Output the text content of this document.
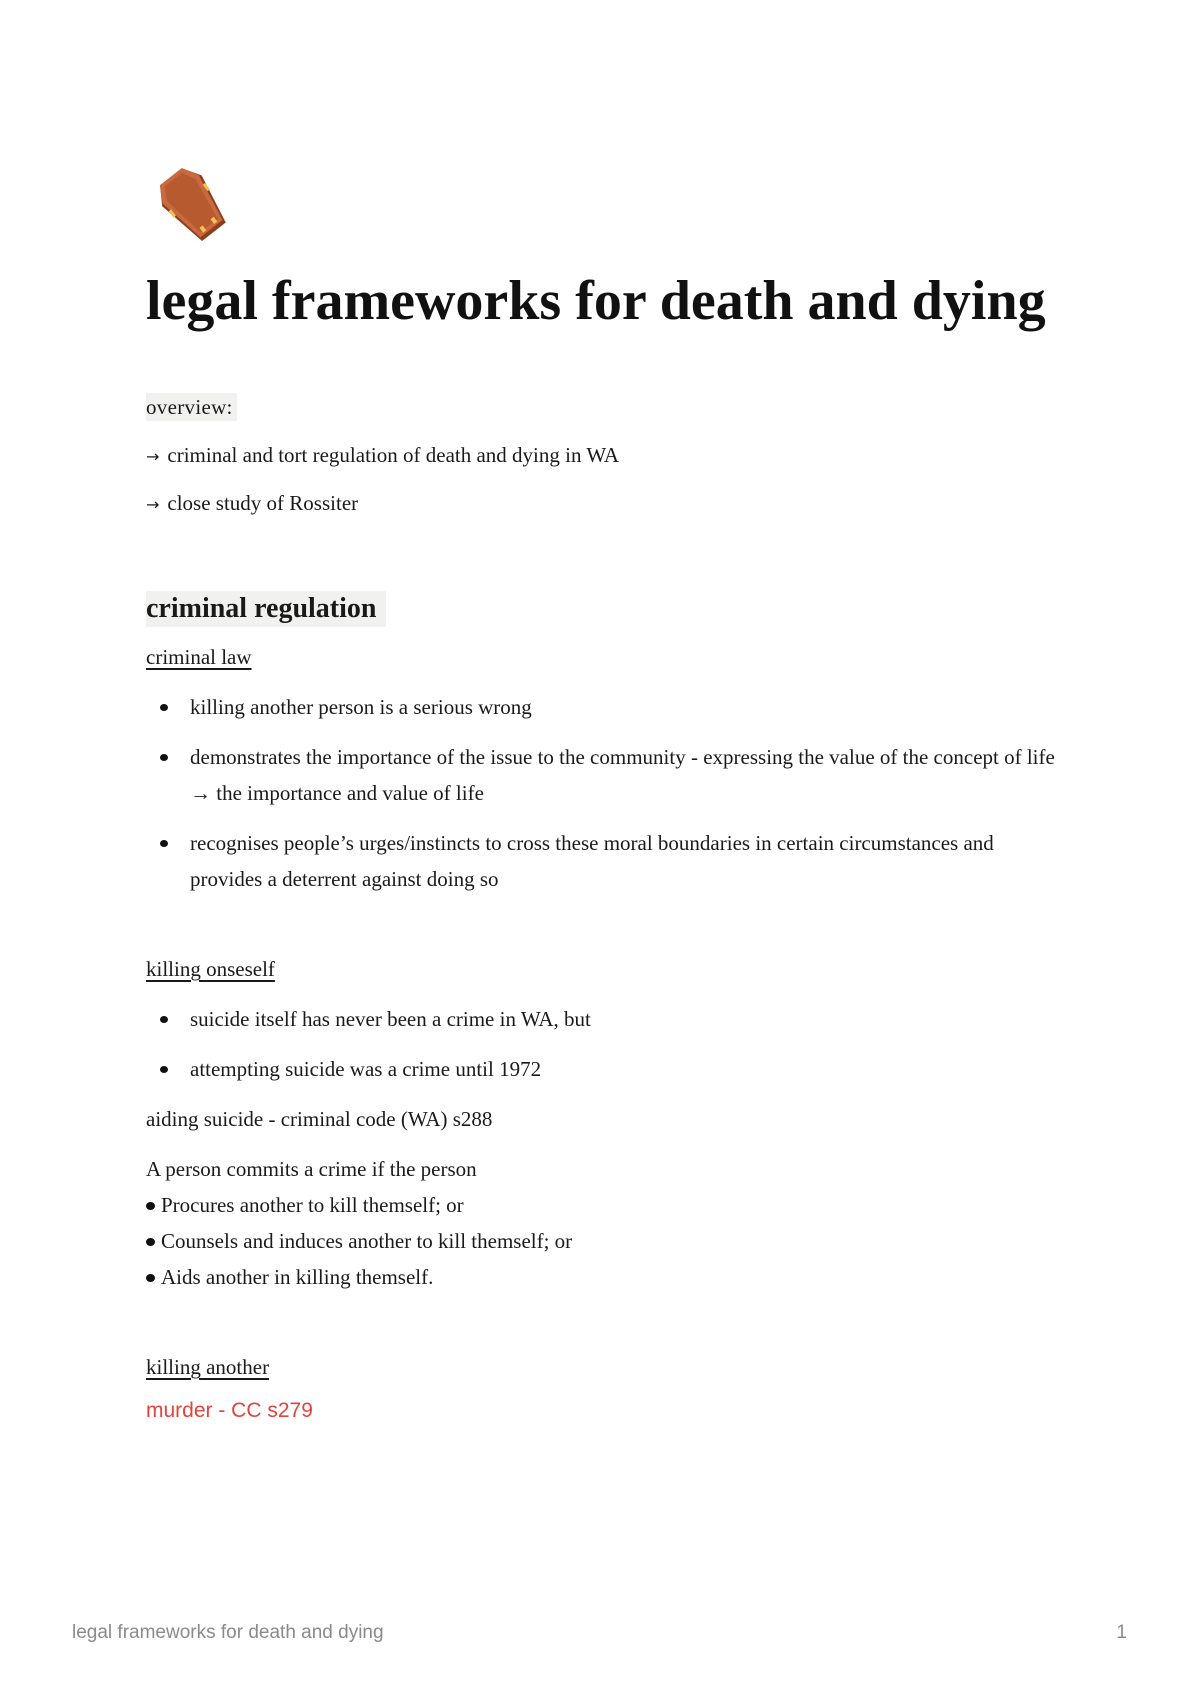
legal frameworks for death and dying
overview:
→ criminal and tort regulation of death and dying in WA
→ close study of Rossiter
criminal regulation
criminal law
killing another person is a serious wrong
demonstrates the importance of the issue to the community - expressing the value of the concept of life → the importance and value of life
recognises people’s urges/instincts to cross these moral boundaries in certain circumstances and provides a deterrent against doing so
killing onseself
suicide itself has never been a crime in WA, but
attempting suicide was a crime until 1972
aiding suicide - criminal code (WA) s288
A person commits a crime if the person
Procures another to kill themself; or
Counsels and induces another to kill themself; or
Aids another in killing themself.
killing another
murder - CC s279
legal frameworks for death and dying	1
